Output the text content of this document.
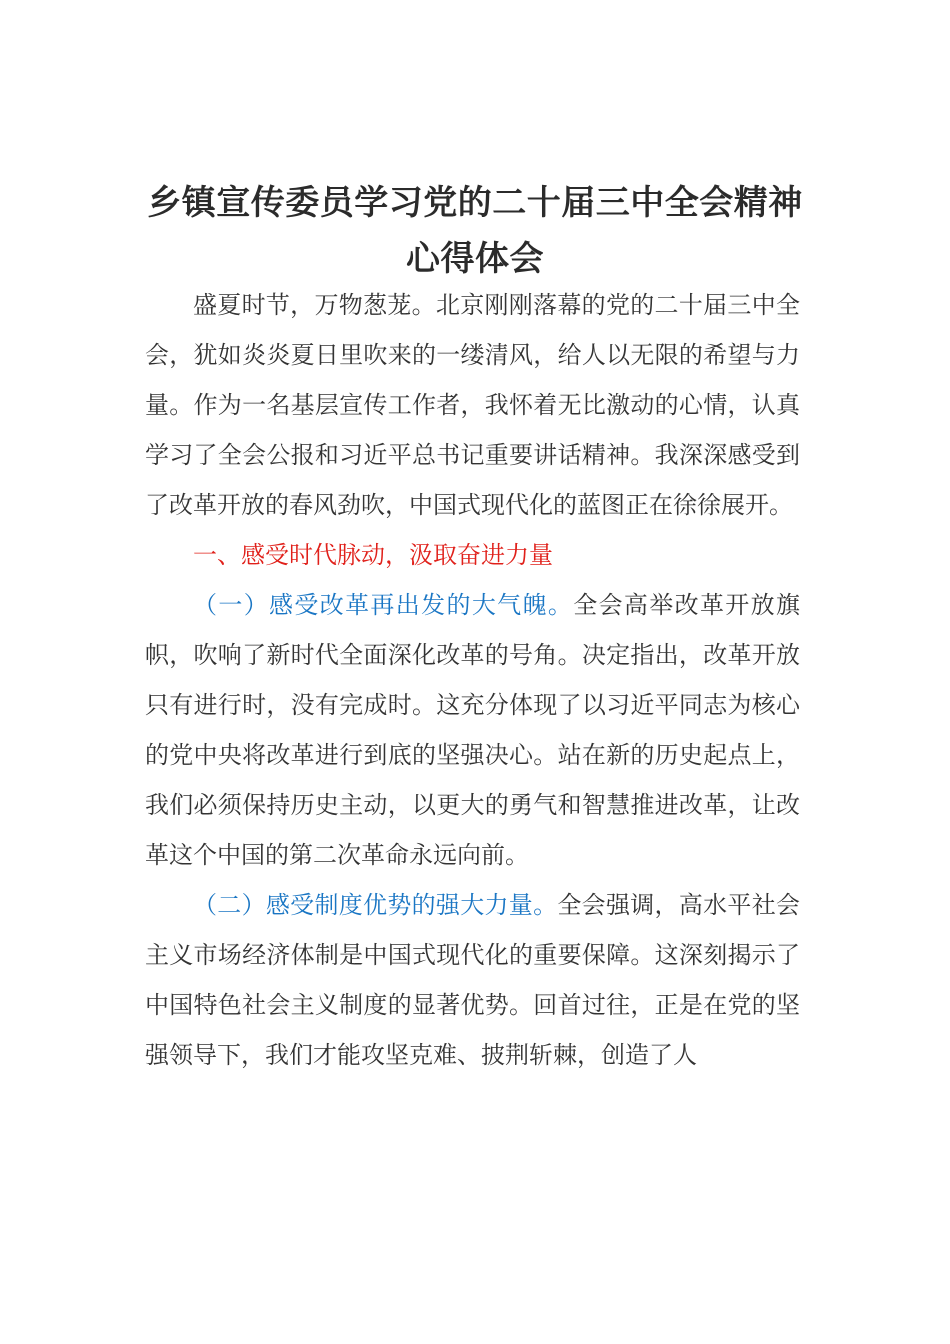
乡镇宣传委员学习党的二十届三中全会精神
心得体会

盛夏时节，万物葱茏。北京刚刚落幕的党的二十届三中全会，犹如炎炎夏日里吹来的一缕清风，给人以无限的希望与力量。作为一名基层宣传工作者，我怀着无比激动的心情，认真学习了全会公报和习近平总书记重要讲话精神。我深深感受到了改革开放的春风劲吹，中国式现代化的蓝图正在徐徐展开。

一、感受时代脉动，汲取奋进力量

（一）感受改革再出发的大气魄。全会高举改革开放旗帜，吹响了新时代全面深化改革的号角。决定指出，改革开放只有进行时，没有完成时。这充分体现了以习近平同志为核心的党中央将改革进行到底的坚强决心。站在新的历史起点上，我们必须保持历史主动，以更大的勇气和智慧推进改革，让改革这个中国的第二次革命永远向前。

（二）感受制度优势的强大力量。全会强调，高水平社会主义市场经济体制是中国式现代化的重要保障。这深刻揭示了中国特色社会主义制度的显著优势。回首过往，正是在党的坚强领导下，我们才能攻坚克难、披荆斩棘，创造了人
